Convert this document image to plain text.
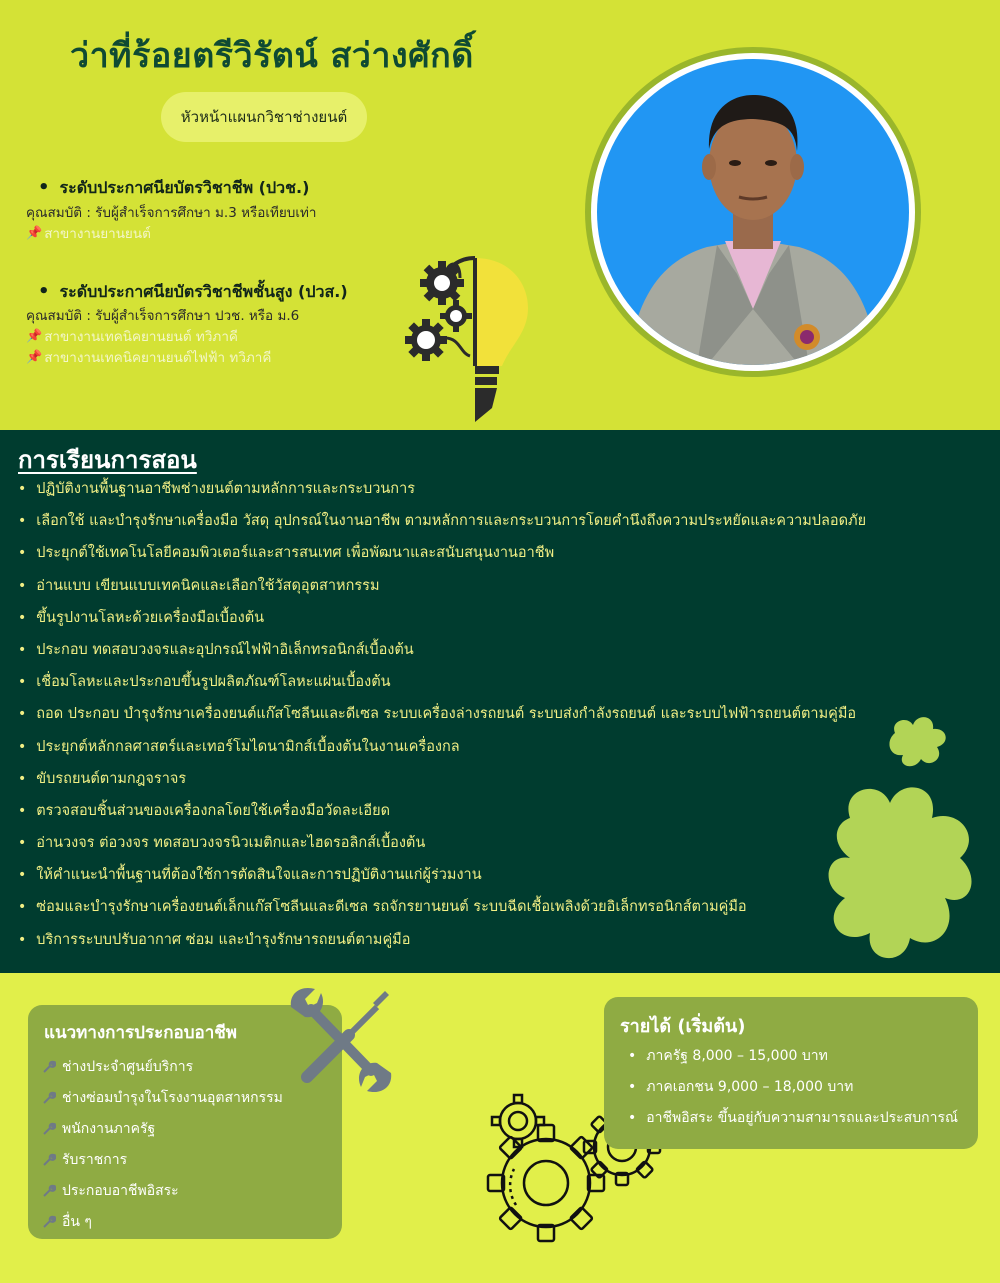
ว่าที่ร้อยตรีวิรัตน์ สว่างศักดิ์
หัวหน้าแผนกวิชาช่างยนต์
• ระดับประกาศนียบัตรวิชาชีพ (ปวช.)
คุณสมบัติ : รับผู้สำเร็จการศึกษา ม.3 หรือเทียบเท่า
📌 สาขางานยานยนต์
• ระดับประกาศนียบัตรวิชาชีพชั้นสูง (ปวส.)
คุณสมบัติ : รับผู้สำเร็จการศึกษา ปวช. หรือ ม.6
📌 สาขางานเทคนิคยานยนต์ ทวิภาคี
📌 สาขางานเทคนิคยานยนต์ไฟฟ้า ทวิภาคี
การเรียนการสอน
• ปฏิบัติงานพื้นฐานอาชีพช่างยนต์ตามหลักการและกระบวนการ
• เลือกใช้ และบำรุงรักษาเครื่องมือ วัสดุ อุปกรณ์ในงานอาชีพ ตามหลักการและกระบวนการโดยคำนึงถึงความประหยัดและความปลอดภัย
• ประยุกต์ใช้เทคโนโลยีคอมพิวเตอร์และสารสนเทศ เพื่อพัฒนาและสนับสนุนงานอาชีพ
• อ่านแบบ เขียนแบบเทคนิคและเลือกใช้วัสดุอุตสาหกรรม
• ขึ้นรูปงานโลหะด้วยเครื่องมือเบื้องต้น
• ประกอบ ทดสอบวงจรและอุปกรณ์ไฟฟ้าอิเล็กทรอนิกส์เบื้องต้น
• เชื่อมโลหะและประกอบขึ้นรูปผลิตภัณฑ์โลหะแผ่นเบื้องต้น
• ถอด ประกอบ บำรุงรักษาเครื่องยนต์แก๊สโซลีนและดีเซล ระบบเครื่องล่างรถยนต์ ระบบส่งกำลังรถยนต์ และระบบไฟฟ้ารถยนต์ตามคู่มือ
• ประยุกต์หลักกลศาสตร์และเทอร์โมไดนามิกส์เบื้องต้นในงานเครื่องกล
• ขับรถยนต์ตามกฎจราจร
• ตรวจสอบชิ้นส่วนของเครื่องกลโดยใช้เครื่องมือวัดละเอียด
• อ่านวงจร ต่อวงจร ทดสอบวงจรนิวเมติกและไฮดรอลิกส์เบื้องต้น
• ให้คำแนะนำพื้นฐานที่ต้องใช้การตัดสินใจและการปฏิบัติงานแก่ผู้ร่วมงาน
• ซ่อมและบำรุงรักษาเครื่องยนต์เล็กแก๊สโซลีนและดีเซล รถจักรยานยนต์ ระบบฉีดเชื้อเพลิงด้วยอิเล็กทรอนิกส์ตามคู่มือ
• บริการระบบปรับอากาศ ซ่อม และบำรุงรักษารถยนต์ตามคู่มือ
แนวทางการประกอบอาชีพ
ช่างประจำศูนย์บริการ
ช่างซ่อมบำรุงในโรงงานอุตสาหกรรม
พนักงานภาครัฐ
รับราชการ
ประกอบอาชีพอิสระ
อื่น ๆ
รายได้ (เริ่มต้น)
• ภาครัฐ 8,000 – 15,000 บาท
• ภาคเอกชน 9,000 – 18,000 บาท
• อาชีพอิสระ ขึ้นอยู่กับความสามารถและประสบการณ์
